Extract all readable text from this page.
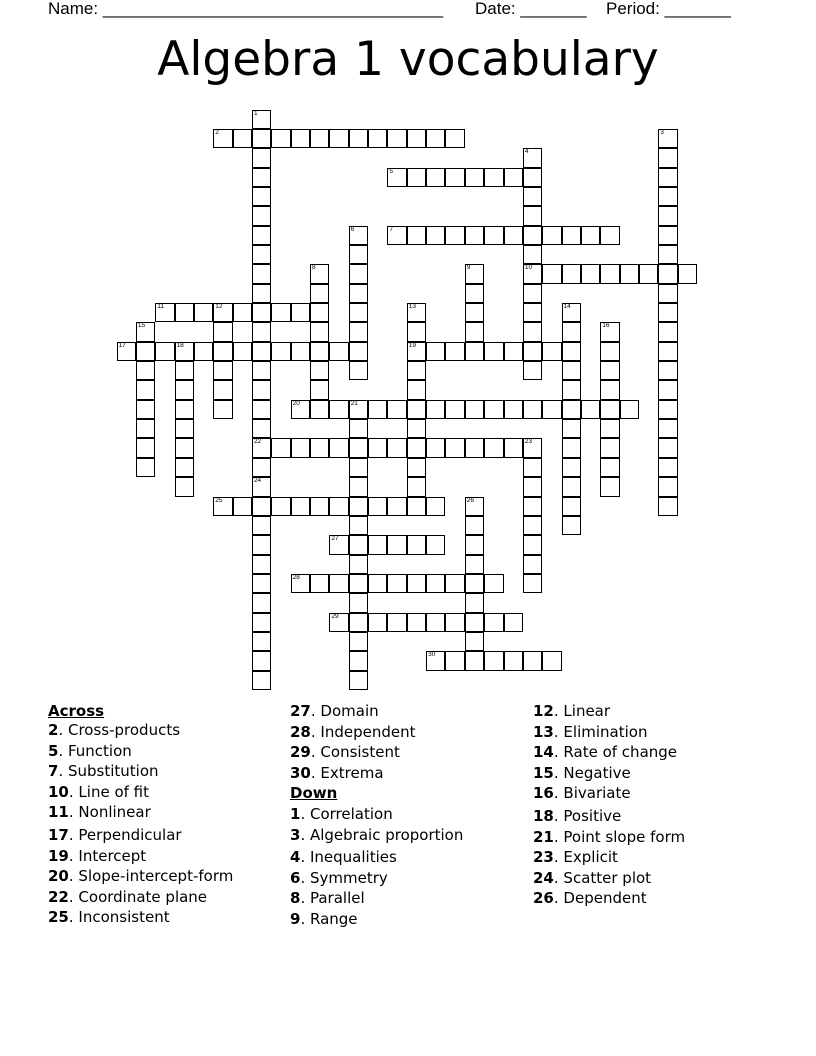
Name: ____________________________________ Date: _______ Period: _______
Algebra 1 vocabulary
1
22
24
2	3
4
10
5
6	7
8	9
11	12	13
19
14
15	16
17	18
20	21
23
25	26
27
28
29
30
Across
2. Cross-products
5. Function
7. Substitution
10. Line of fit
11. Nonlinear
17. Perpendicular
19. Intercept
20. Slope-intercept-form
22. Coordinate plane
25. Inconsistent
27. Domain
28. Independent
29. Consistent
30. Extrema
Down
1. Correlation
3. Algebraic proportion
4. Inequalities
6. Symmetry
8. Parallel
9. Range
12. Linear
13. Elimination
14. Rate of change
15. Negative
16. Bivariate
18. Positive
21. Point slope form
23. Explicit
24. Scatter plot
26. Dependent
